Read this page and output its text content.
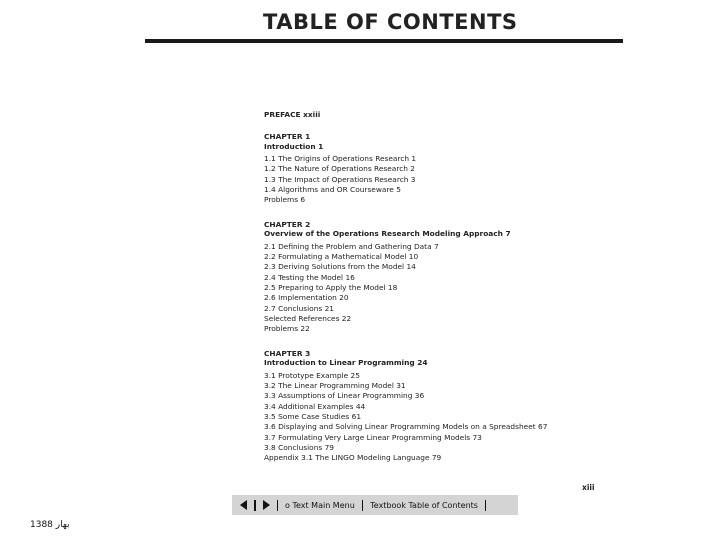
TABLE OF CONTENTS
PREFACE xxiii
CHAPTER 1
Introduction 1
1.1 The Origins of Operations Research 1
1.2 The Nature of Operations Research 2
1.3 The Impact of Operations Research 3
1.4 Algorithms and OR Courseware 5
Problems 6
CHAPTER 2
Overview of the Operations Research Modeling Approach 7
2.1 Defining the Problem and Gathering Data 7
2.2 Formulating a Mathematical Model 10
2.3 Deriving Solutions from the Model 14
2.4 Testing the Model 16
2.5 Preparing to Apply the Model 18
2.6 Implementation 20
2.7 Conclusions 21
Selected References 22
Problems 22
CHAPTER 3
Introduction to Linear Programming 24
3.1 Prototype Example 25
3.2 The Linear Programming Model 31
3.3 Assumptions of Linear Programming 36
3.4 Additional Examples 44
3.5 Some Case Studies 61
3.6 Displaying and Solving Linear Programming Models on a Spreadsheet 67
3.7 Formulating Very Large Linear Programming Models 73
3.8 Conclusions 79
Appendix 3.1 The LINGO Modeling Language 79
xiii
o Text Main Menu Textbook Table of Contents
بهار 1388
